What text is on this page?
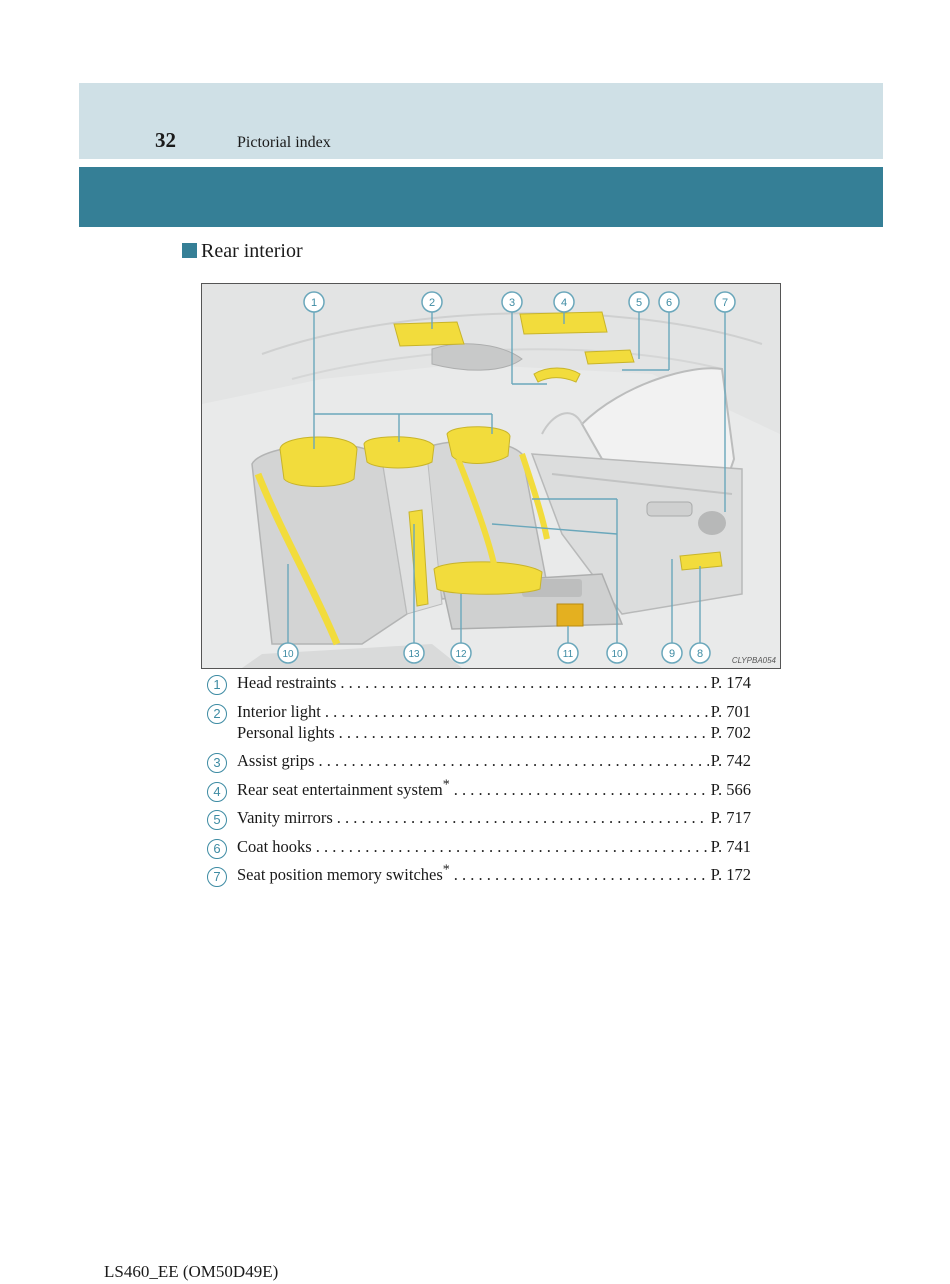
32	Pictorial index
Rear interior
1	2	3	4	5 6	7
8
9
10
11
12
13
10
CLYPBA054
1 Head restraints . . .	P. 174
2 Interior light . . .	P. 701
Personal lights . . .	P. 702
3 Assist grips . . .	P. 742
4 Rear seat entertainment system* . . .	P. 566
5 Vanity mirrors . . .	P. 717
6 Coat hooks . . .	P. 741
7 Seat position memory switches* . . .	P. 172
LS460_EE (OM50D49E)
